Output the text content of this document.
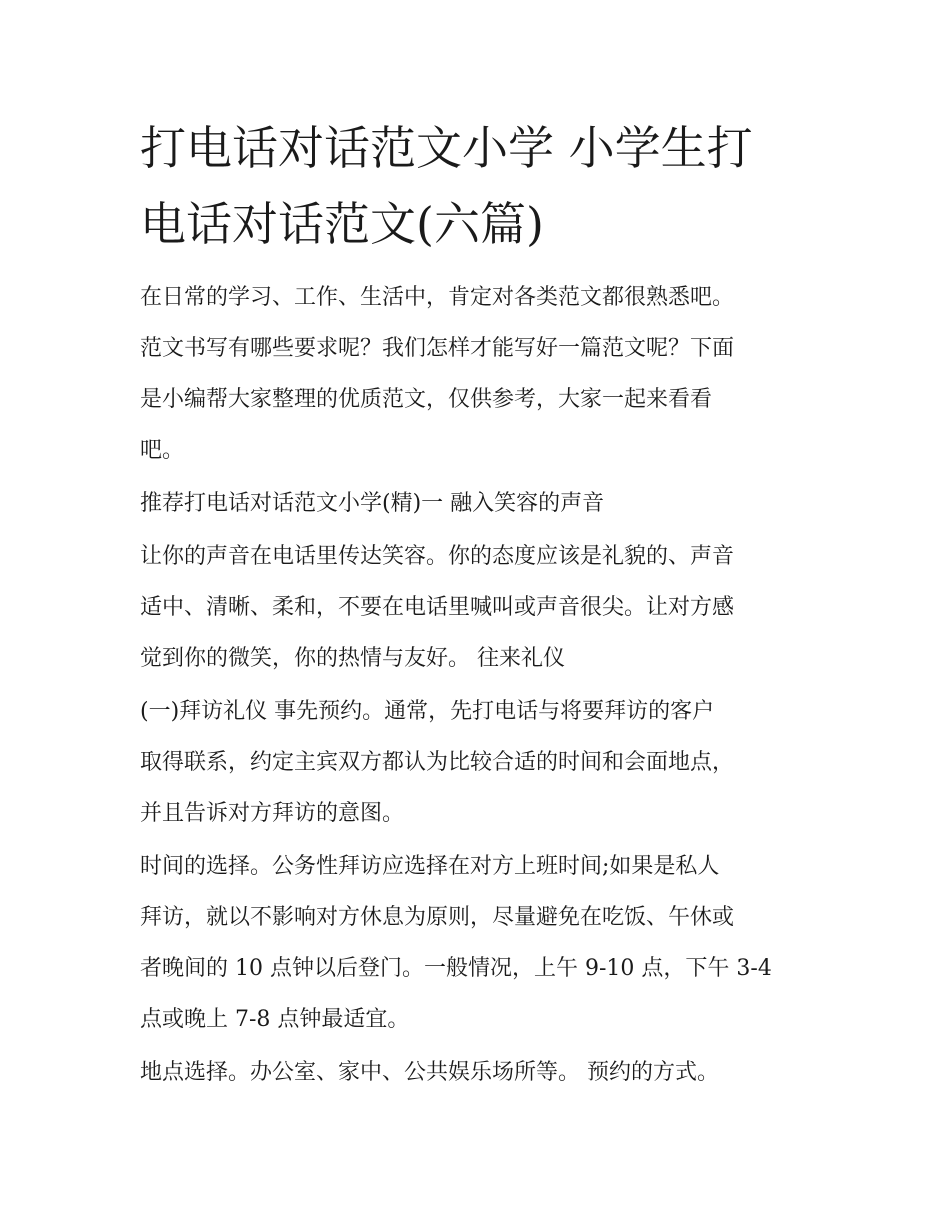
打电话对话范文小学 小学生打
电话对话范文(六篇)

在日常的学习、工作、生活中，肯定对各类范文都很熟悉吧。

范文书写有哪些要求呢？我们怎样才能写好一篇范文呢？下面

是小编帮大家整理的优质范文，仅供参考，大家一起来看看

吧。

推荐打电话对话范文小学(精)一 融入笑容的声音

让你的声音在电话里传达笑容。你的态度应该是礼貌的、声音

适中、清晰、柔和，不要在电话里喊叫或声音很尖。让对方感

觉到你的微笑，你的热情与友好。 往来礼仪

(一)拜访礼仪 事先预约。通常，先打电话与将要拜访的客户

取得联系，约定主宾双方都认为比较合适的时间和会面地点，

并且告诉对方拜访的意图。

时间的选择。公务性拜访应选择在对方上班时间;如果是私人

拜访，就以不影响对方休息为原则，尽量避免在吃饭、午休或

者晚间的 10 点钟以后登门。一般情况，上午 9-10 点，下午 3-4

点或晚上 7-8 点钟最适宜。

地点选择。办公室、家中、公共娱乐场所等。 预约的方式。
